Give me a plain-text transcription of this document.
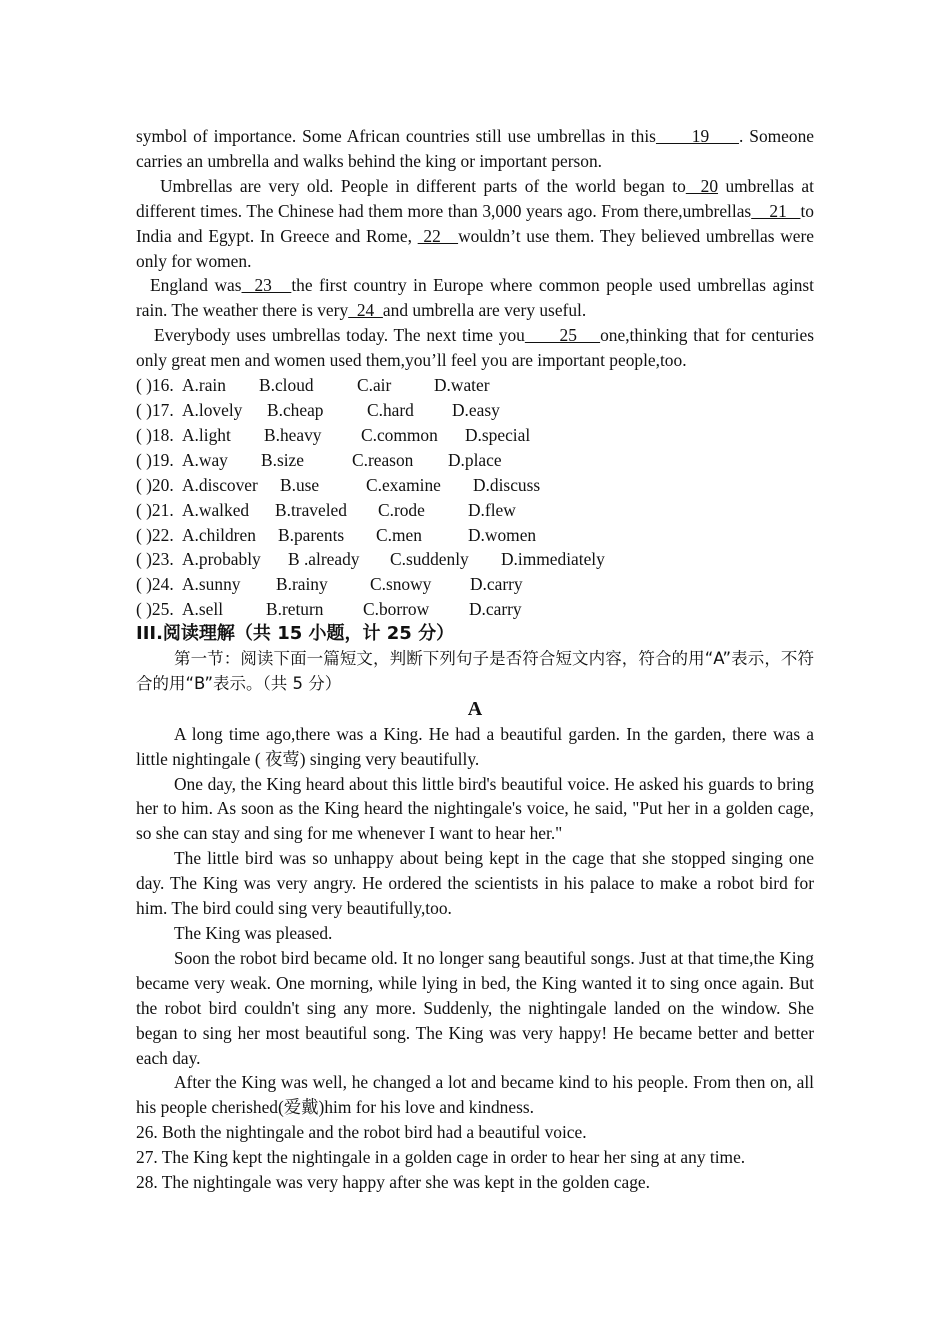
symbol of importance. Some African countries still use umbrellas in this      19     . Someone carries an umbrella and walks behind the king or important person.

Umbrellas are very old. People in different parts of the world began to  20 umbrellas at different times. The Chinese had them more than 3,000 years ago. From there,umbrellas    21   to India and Egypt. In Greece and Rome,  22   wouldn’t use them. They believed umbrellas were only for women.

England was  23   the first country in Europe where common people used umbrellas aginst rain. The weather there is very  24  and umbrella are very useful.

Everybody uses umbrellas today. The next time you      25    one,thinking that for centuries only great men and women used them,you’ll feel you are important people,too.

( )16. A.rain	B.cloud	C.air	D.water

( )17. A.lovely	B.cheap	C.hard	D.easy

( )18. A.light	B.heavy	C.common	D.special

( )19. A.way	B.size	C.reason	D.place

( )20. A.discover	B.use	C.examine	D.discuss

( )21. A.walked	B.traveled	C.rode	D.flew

( )22. A.children	B.parents	C.men	D.women

( )23. A.probably	B .already	C.suddenly	D.immediately

( )24. A.sunny	B.rainy	C.snowy	D.carry

( )25. A.sell	B.return	C.borrow	D.carry

III.阅读理解（共 15 小题，计 25 分）

第一节：阅读下面一篇短文，判断下列句子是否符合短文内容，符合的用“A”表示，不符合的用“B”表示。（共 5 分）

A

A long time ago,there was a King. He had a beautiful garden. In the garden, there was a little nightingale ( 夜莺) singing very beautifully.

One day, the King heard about this little bird's beautiful voice. He asked his guards to bring her to him. As soon as the King heard the nightingale's voice, he said, "Put her in a golden cage, so she can stay and sing for me whenever I want to hear her."

The little bird was so unhappy about being kept in the cage that she stopped singing one day. The King was very angry. He ordered the scientists in his palace to make a robot bird for him. The bird could sing very beautifully,too.

The King was pleased.

Soon the robot bird became old. It no longer sang beautiful songs. Just at that time,the King became very weak. One morning, while lying in bed, the King wanted it to sing once again. But the robot bird couldn't sing any more. Suddenly, the nightingale landed on the window. She began to sing her most beautiful song. The King was very happy! He became better and better each day.

After the King was well, he changed a lot and became kind to his people. From then on, all his people cherished(爱戴)him for his love and kindness.

26. Both the nightingale and the robot bird had a beautiful voice.

27. The King kept the nightingale in a golden cage in order to hear her sing at any time.

28. The nightingale was very happy after she was kept in the golden cage.
